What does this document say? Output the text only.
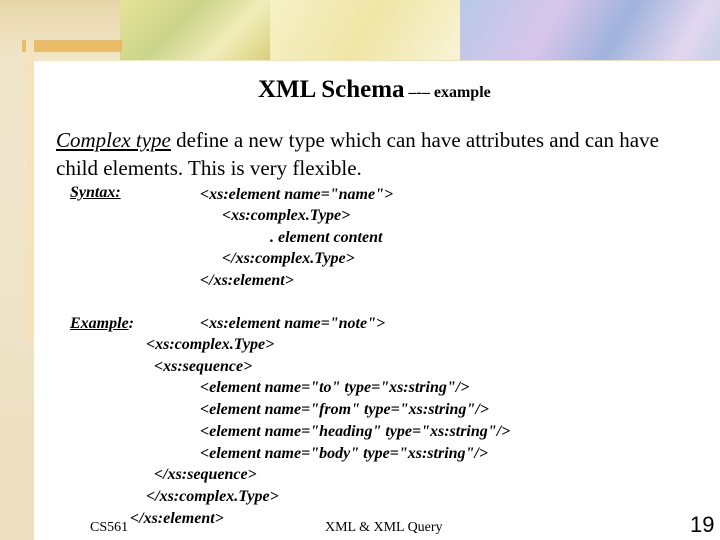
XML Schema –-– example
Complex type define a new type which can have attributes and can have child elements. This is very flexible.
Syntax:	<xs:element name="name">
<xs:complex.Type>
. element content
</xs:complex.Type>
</xs:element>
Example:	<xs:element name="note">
<xs:complex.Type>
<xs:sequence>
<element name="to" type="xs:string"/>
<element name="from" type="xs:string"/>
<element name="heading" type="xs:string"/>
<element name="body" type="xs:string"/>
</xs:sequence>
</xs:complex.Type>
</xs:element>
CS561	XML & XML Query	19
